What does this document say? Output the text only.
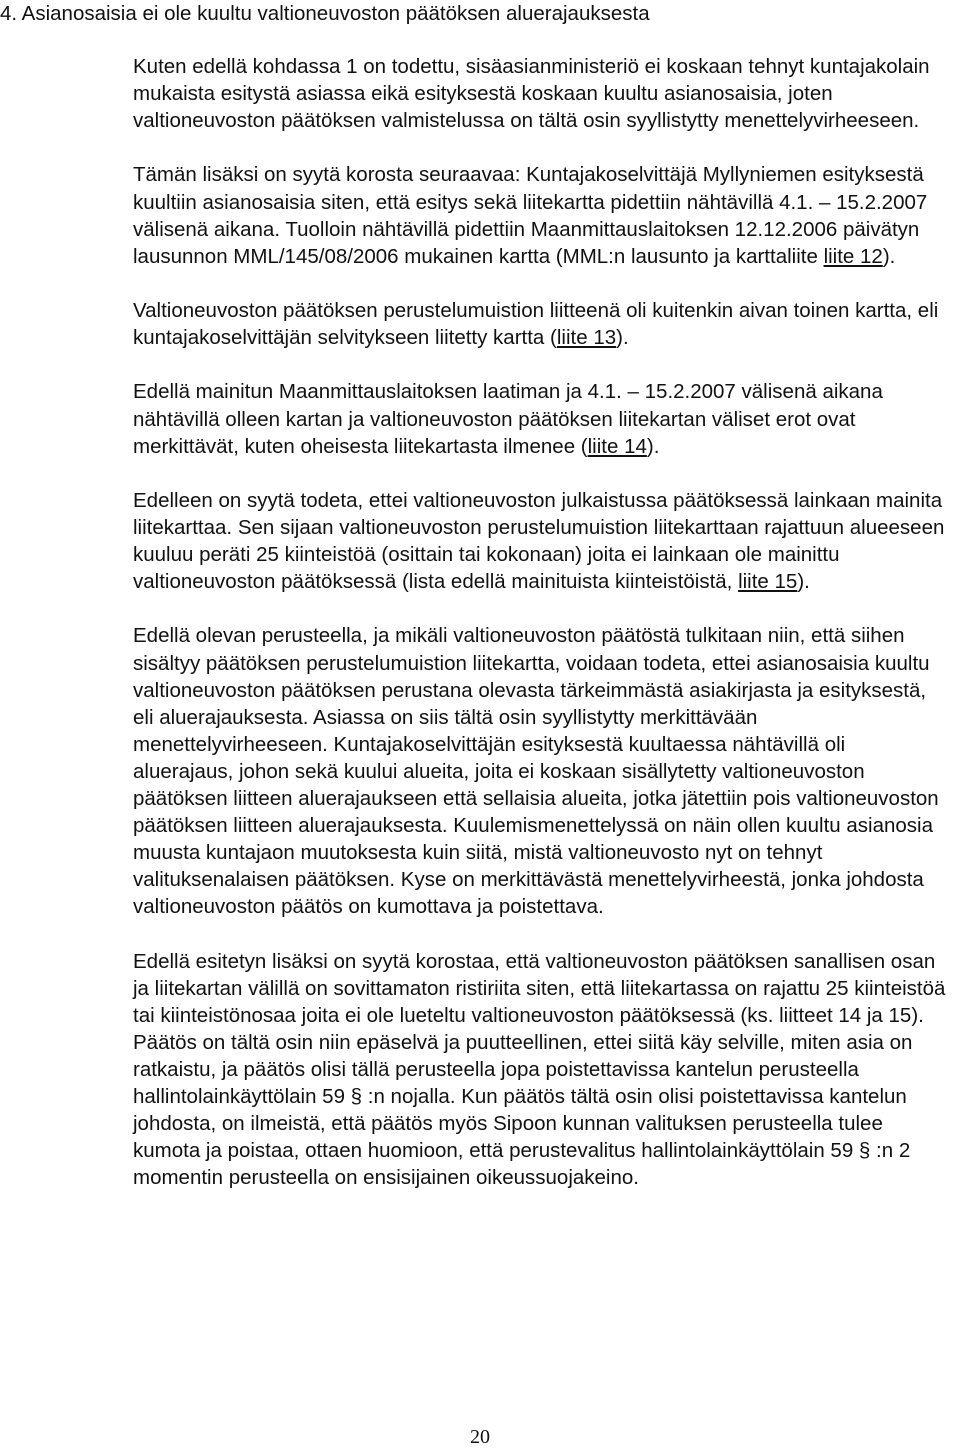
4. Asianosaisia ei ole kuultu valtioneuvoston päätöksen aluerajauksesta

Kuten edellä kohdassa 1 on todettu, sisäasianministeriö ei koskaan tehnyt kuntajakolain mukaista esitystä asiassa eikä esityksestä koskaan kuultu asianosaisia, joten valtioneuvoston päätöksen valmistelussa on tältä osin syyllistytty menettelyvirheeseen.

Tämän lisäksi on syytä korosta seuraavaa: Kuntajakoselvittäjä Myllyniemen esityksestä kuultiin asianosaisia siten, että esitys sekä liitekartta pidettiin nähtävillä 4.1. – 15.2.2007 välisenä aikana. Tuolloin nähtävillä pidettiin Maanmittauslaitoksen 12.12.2006 päivätyn lausunnon MML/145/08/2006 mukainen kartta (MML:n lausunto ja karttaliite liite 12).

Valtioneuvoston päätöksen perustelumuistion liitteenä oli kuitenkin aivan toinen kartta, eli kuntajakoselvittäjän selvitykseen liitetty kartta (liite 13).

Edellä mainitun Maanmittauslaitoksen laatiman ja 4.1. – 15.2.2007 välisenä aikana nähtävillä olleen kartan ja valtioneuvoston päätöksen liitekartan väliset erot ovat merkittävät, kuten oheisesta liitekartasta ilmenee (liite 14).

Edelleen on syytä todeta, ettei valtioneuvoston julkaistussa päätöksessä lainkaan mainita liitekarttaa. Sen sijaan valtioneuvoston perustelumuistion liitekarttaan rajattuun alueeseen kuuluu peräti 25 kiinteistöä (osittain tai kokonaan) joita ei lainkaan ole mainittu valtioneuvoston päätöksessä (lista edellä mainituista kiinteistöistä, liite 15).

Edellä olevan perusteella, ja mikäli valtioneuvoston päätöstä tulkitaan niin, että siihen sisältyy päätöksen perustelumuistion liitekartta, voidaan todeta, ettei asianosaisia kuultu valtioneuvoston päätöksen perustana olevasta tärkeimmästä asiakirjasta ja esityksestä, eli aluerajauksesta. Asiassa on siis tältä osin syyllistytty merkittävään menettelyvirheeseen. Kuntajakoselvittäjän esityksestä kuultaessa nähtävillä oli aluerajaus, johon sekä kuului alueita, joita ei koskaan sisällytetty valtioneuvoston päätöksen liitteen aluerajaukseen että sellaisia alueita, jotka jätettiin pois valtioneuvoston päätöksen liitteen aluerajauksesta. Kuulemismenettelyssä on näin ollen kuultu asianosia muusta kuntajaon muutoksesta kuin siitä, mistä valtioneuvosto nyt on tehnyt valituksenalaisen päätöksen. Kyse on merkittävästä menettelyvirheestä, jonka johdosta valtioneuvoston päätös on kumottava ja poistettava.

Edellä esitetyn lisäksi on syytä korostaa, että valtioneuvoston päätöksen sanallisen osan ja liitekartan välillä on sovittamaton ristiriita siten, että liitekartassa on rajattu 25 kiinteistöä tai kiinteistönosaa joita ei ole lueteltu valtioneuvoston päätöksessä (ks. liitteet 14 ja 15). Päätös on tältä osin niin epäselvä ja puutteellinen, ettei siitä käy selville, miten asia on ratkaistu, ja päätös olisi tällä perusteella jopa poistettavissa kantelun perusteella hallintolainkäyttölain 59 § :n nojalla. Kun päätös tältä osin olisi poistettavissa kantelun johdosta, on ilmeistä, että päätös myös Sipoon kunnan valituksen perusteella tulee kumota ja poistaa, ottaen huomioon, että perustevalitus hallintolainkäyttölain 59 § :n 2 momentin perusteella on ensisijainen oikeussuojakeino.

20
